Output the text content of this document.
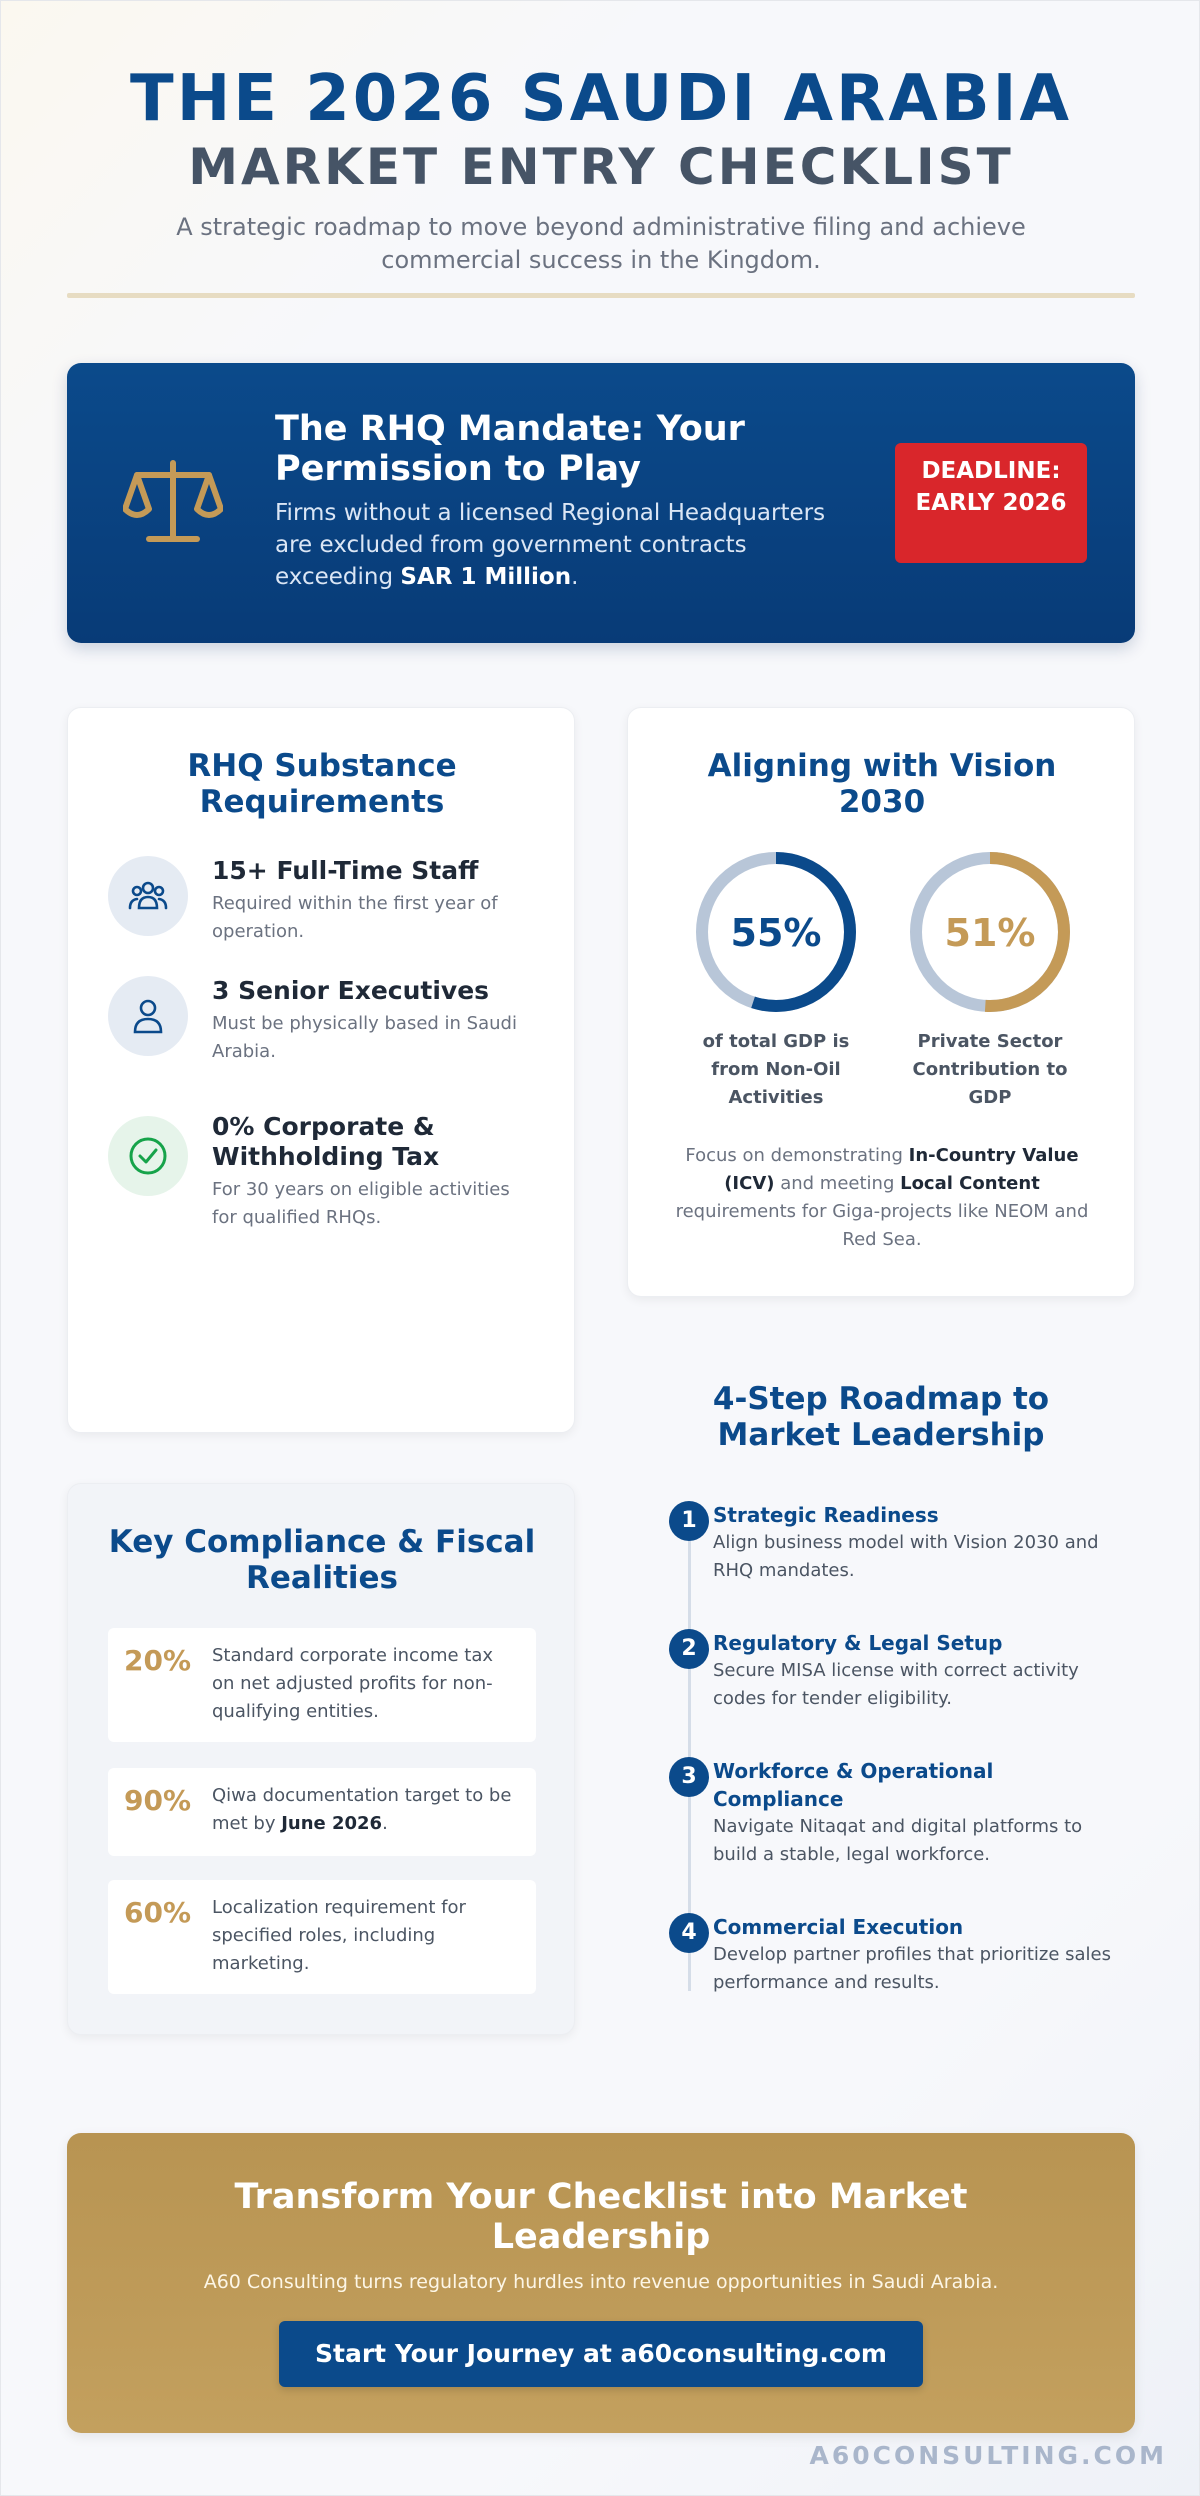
THE 2026 SAUDI ARABIA
MARKET ENTRY CHECKLIST
A strategic roadmap to move beyond administrative filing and achieve commercial success in the Kingdom.
The RHQ Mandate: Your Permission to Play
Firms without a licensed Regional Headquarters are excluded from government contracts exceeding SAR 1 Million.
DEADLINE: EARLY 2026
RHQ Substance Requirements
15+ Full-Time Staff
Required within the first year of operation.
3 Senior Executives
Must be physically based in Saudi Arabia.
0% Corporate & Withholding Tax
For 30 years on eligible activities for qualified RHQs.
Aligning with Vision 2030
55%
of total GDP is from Non-Oil Activities
51%
Private Sector Contribution to GDP
Focus on demonstrating In-Country Value (ICV) and meeting Local Content requirements for Giga-projects like NEOM and Red Sea.
Key Compliance & Fiscal Realities
20% Standard corporate income tax on net adjusted profits for non-qualifying entities.
90% Qiwa documentation target to be met by June 2026.
60% Localization requirement for specified roles, including marketing.
4-Step Roadmap to Market Leadership
1 Strategic Readiness
Align business model with Vision 2030 and RHQ mandates.
2 Regulatory & Legal Setup
Secure MISA license with correct activity codes for tender eligibility.
3 Workforce & Operational Compliance
Navigate Nitaqat and digital platforms to build a stable, legal workforce.
4 Commercial Execution
Develop partner profiles that prioritize sales performance and results.
Transform Your Checklist into Market Leadership
A60 Consulting turns regulatory hurdles into revenue opportunities in Saudi Arabia.
Start Your Journey at a60consulting.com
A60CONSULTING.COM
